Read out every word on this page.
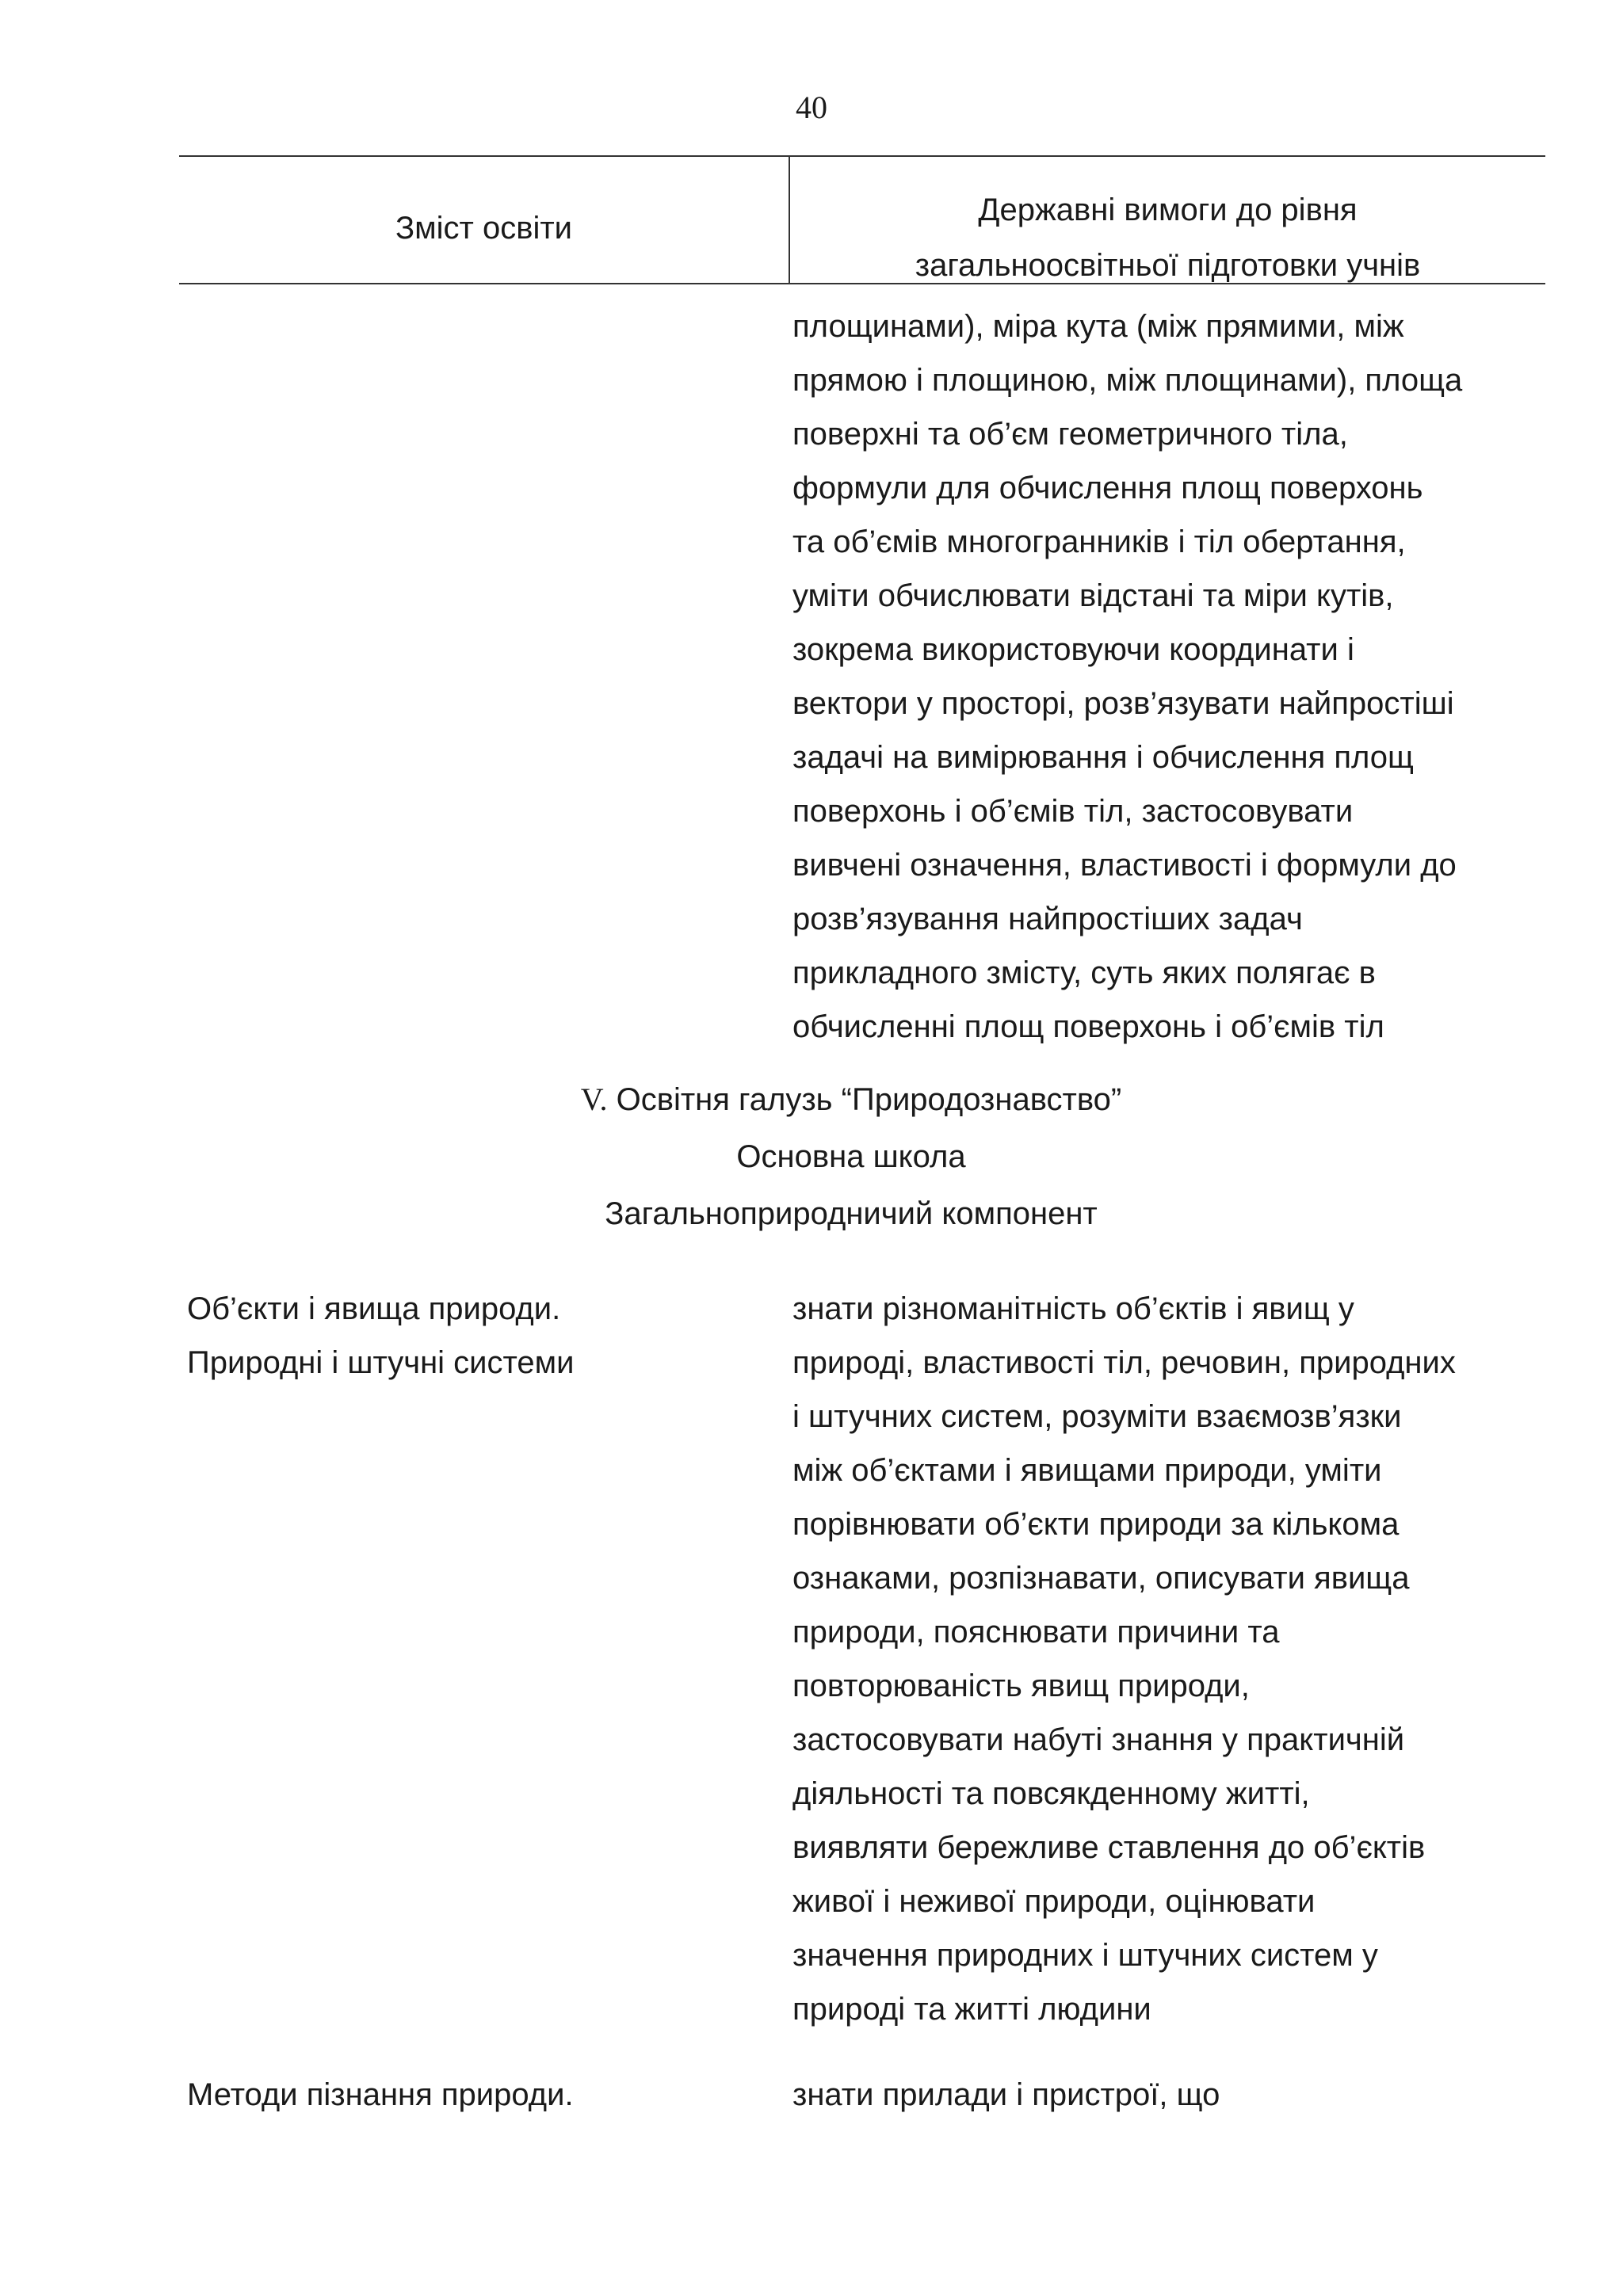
40
Зміст освіти
Державні вимоги до рівня
загальноосвітньої підготовки учнів
площинами), міра кута (між прямими, між
прямою і площиною, між площинами), площа
поверхні та об’єм геометричного тіла,
формули для обчислення площ поверхонь
та об’ємів многогранників і тіл обертання,
уміти обчислювати відстані та міри кутів,
зокрема використовуючи координати і
вектори у просторі, розв’язувати найпростіші
задачі на вимірювання і обчислення площ
поверхонь і об’ємів тіл, застосовувати
вивчені означення, властивості і формули до
розв’язування найпростіших задач
прикладного змісту, суть яких полягає в
обчисленні площ поверхонь і об’ємів тіл
V. Освітня галузь “Природознавство”
Основна школа
Загальноприродничий компонент
Об’єкти і явища природи.
Природні і штучні системи
знати різноманітність об’єктів і явищ у
природі, властивості тіл, речовин, природних
і штучних систем, розуміти взаємозв’язки
між об’єктами і явищами природи, уміти
порівнювати об’єкти природи за кількома
ознаками, розпізнавати, описувати явища
природи, пояснювати причини та
повторюваність явищ природи,
застосовувати набуті знання у практичній
діяльності та повсякденному житті,
виявляти бережливе ставлення до об’єктів
живої і неживої природи, оцінювати
значення природних і штучних систем у
природі та житті людини
Методи пізнання природи.	знати прилади і пристрої, що
